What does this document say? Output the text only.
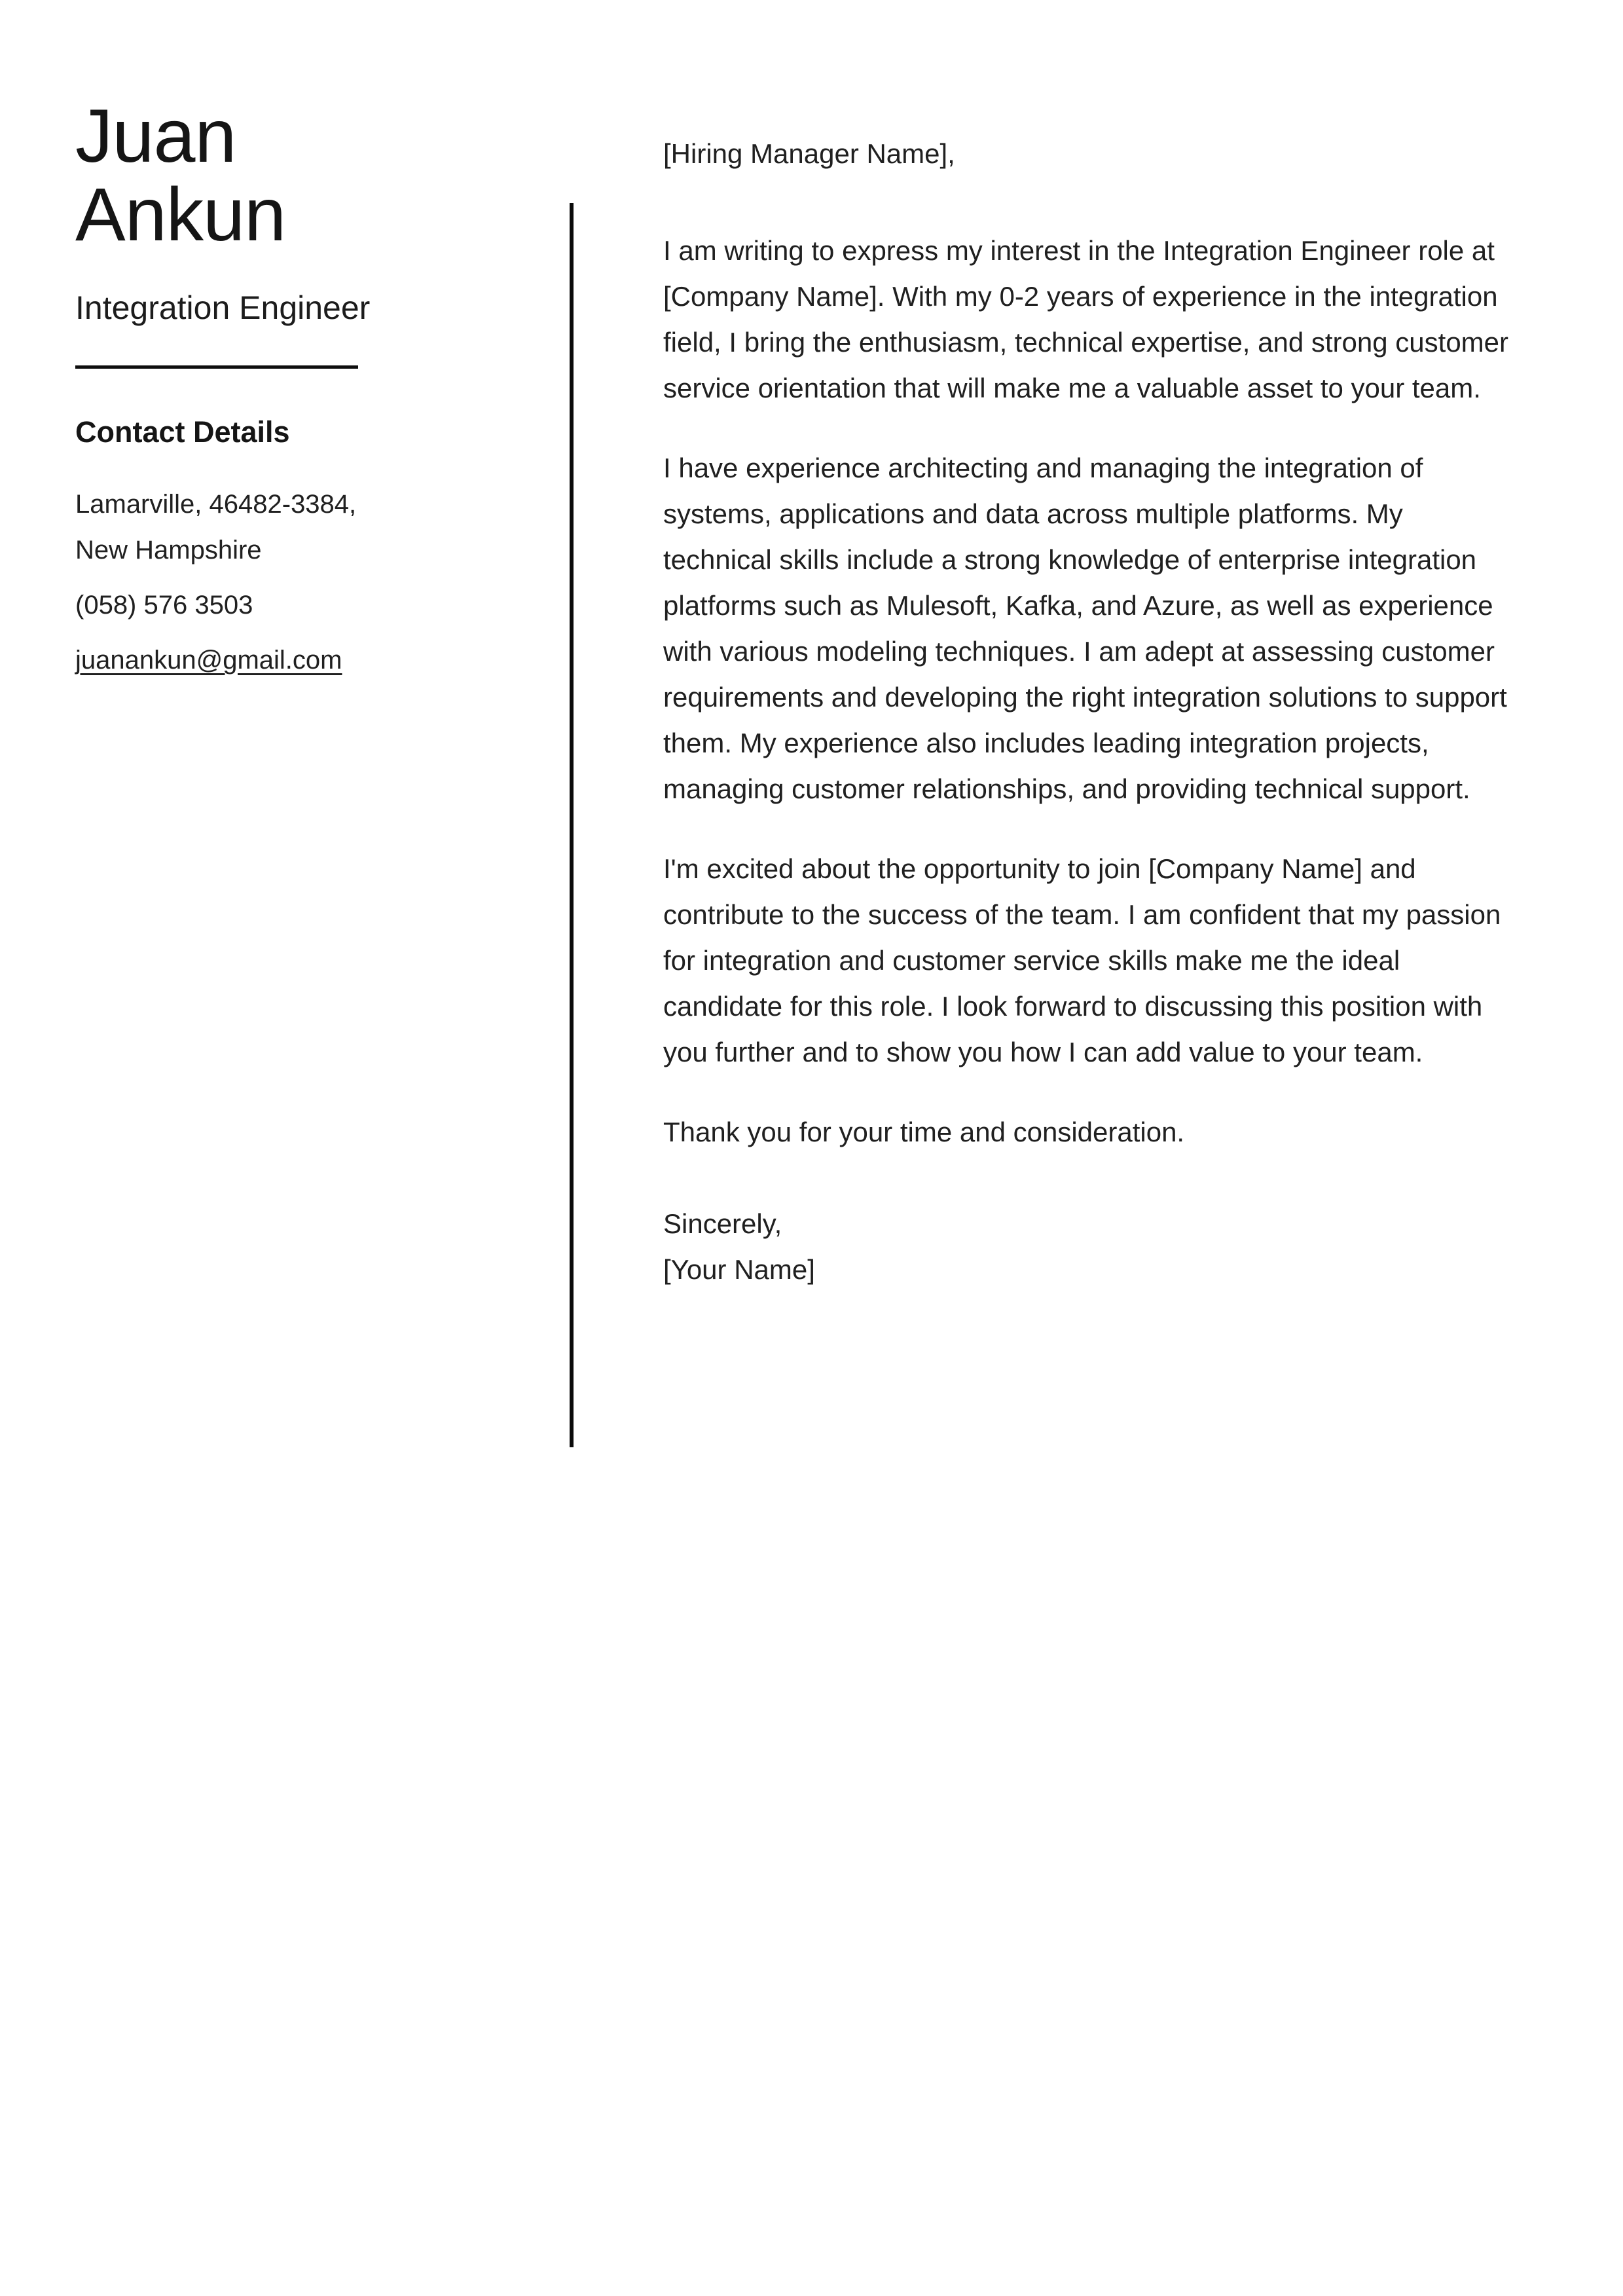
Juan
Ankun
Integration Engineer
Contact Details

Lamarville, 46482-3384,
New Hampshire

(058) 576 3503

juanankun@gmail.com

[Hiring Manager Name],

I am writing to express my interest in the Integration Engineer role at [Company Name]. With my 0-2 years of experience in the integration field, I bring the enthusiasm, technical expertise, and strong customer service orientation that will make me a valuable asset to your team.

I have experience architecting and managing the integration of systems, applications and data across multiple platforms. My technical skills include a strong knowledge of enterprise integration platforms such as Mulesoft, Kafka, and Azure, as well as experience with various modeling techniques. I am adept at assessing customer requirements and developing the right integration solutions to support them. My experience also includes leading integration projects, managing customer relationships, and providing technical support.

I'm excited about the opportunity to join [Company Name] and contribute to the success of the team. I am confident that my passion for integration and customer service skills make me the ideal candidate for this role. I look forward to discussing this position with you further and to show you how I can add value to your team.

Thank you for your time and consideration.

Sincerely,
[Your Name]
